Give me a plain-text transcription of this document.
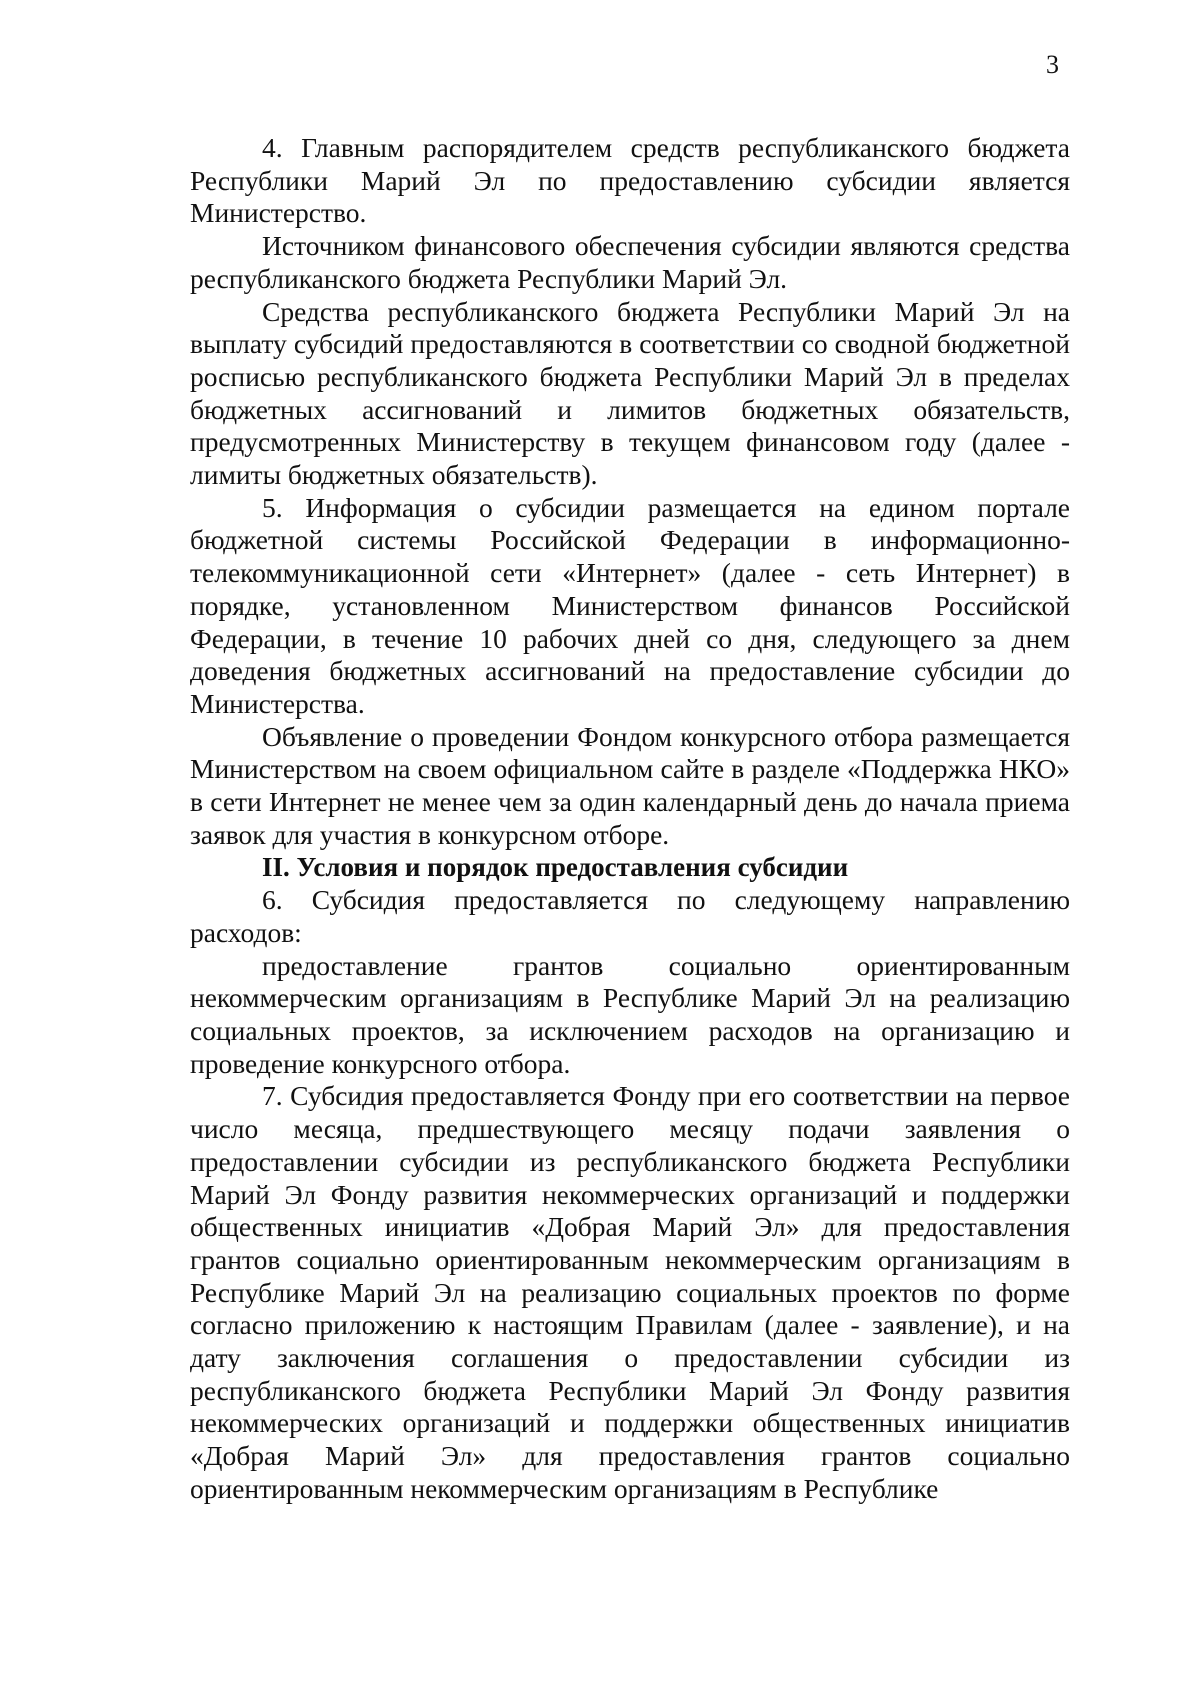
3

4. Главным распорядителем средств республиканского бюджета Республики Марий Эл по предоставлению субсидии является Министерство.

Источником финансового обеспечения субсидии являются средства республиканского бюджета Республики Марий Эл.

Средства республиканского бюджета Республики Марий Эл на выплату субсидий предоставляются в соответствии со сводной бюджетной росписью республиканского бюджета Республики Марий Эл в пределах бюджетных ассигнований и лимитов бюджетных обязательств, предусмотренных Министерству в текущем финансовом году (далее - лимиты бюджетных обязательств).

5. Информация о субсидии размещается на едином портале бюджетной системы Российской Федерации в информационно-телекоммуникационной сети «Интернет» (далее - сеть Интернет) в порядке, установленном Министерством финансов Российской Федерации, в течение 10 рабочих дней со дня, следующего за днем доведения бюджетных ассигнований на предоставление субсидии до Министерства.

Объявление о проведении Фондом конкурсного отбора размещается Министерством на своем официальном сайте в разделе «Поддержка НКО» в сети Интернет не менее чем за один календарный день до начала приема заявок для участия в конкурсном отборе.

II. Условия и порядок предоставления субсидии

6. Субсидия предоставляется по следующему направлению расходов:

предоставление грантов социально ориентированным некоммерческим организациям в Республике Марий Эл на реализацию социальных проектов, за исключением расходов на организацию и проведение конкурсного отбора.

7. Субсидия предоставляется Фонду при его соответствии на первое число месяца, предшествующего месяцу подачи заявления о предоставлении субсидии из республиканского бюджета Республики Марий Эл Фонду развития некоммерческих организаций и поддержки общественных инициатив «Добрая Марий Эл» для предоставления грантов социально ориентированным некоммерческим организациям в Республике Марий Эл на реализацию социальных проектов по форме согласно приложению к настоящим Правилам (далее - заявление), и на дату заключения соглашения о предоставлении субсидии из республиканского бюджета Республики Марий Эл Фонду развития некоммерческих организаций и поддержки общественных инициатив «Добрая Марий Эл» для предоставления грантов социально ориентированным некоммерческим организациям в Республике
